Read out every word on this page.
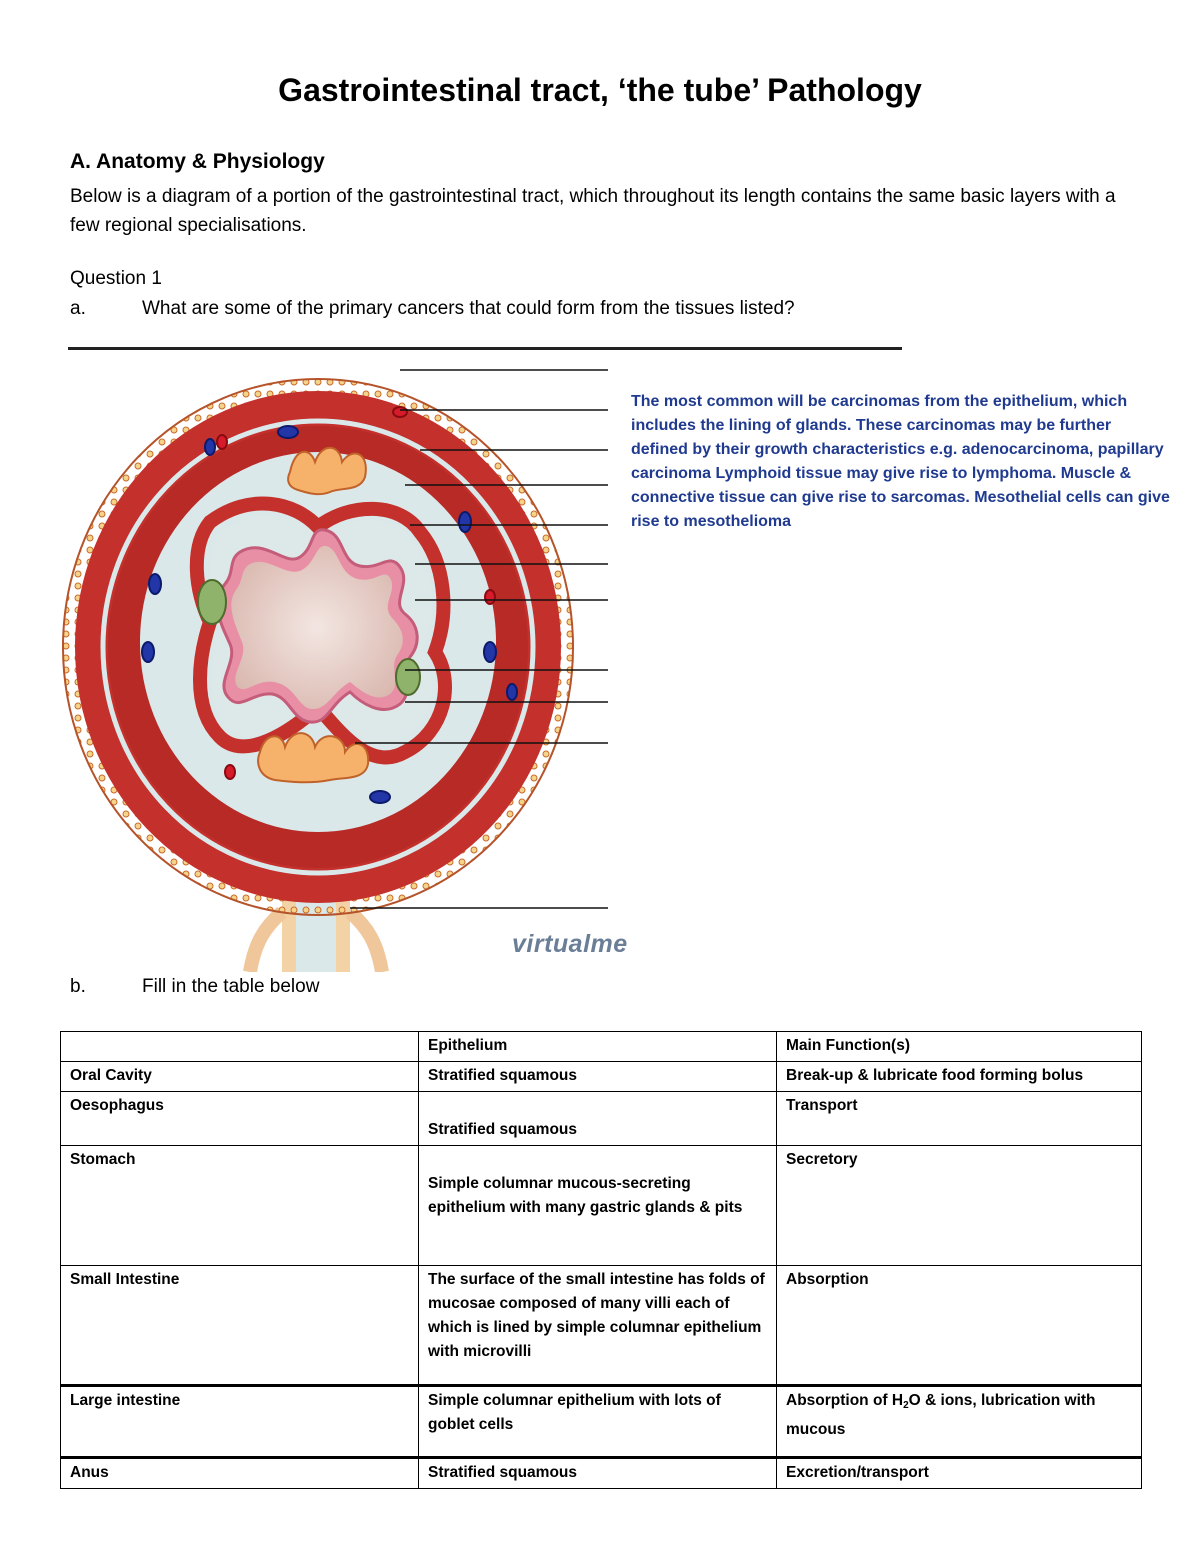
Gastrointestinal tract, ‘the tube’ Pathology
A. Anatomy & Physiology

Below is a diagram of a portion of the gastrointestinal tract, which throughout its length contains the same basic layers with a few regional specialisations.

Question 1
a.	What are some of the primary cancers that could form from the tissues listed?

The most common will be carcinomas from the epithelium, which includes the lining of glands. These carcinomas may be further defined by their growth characteristics e.g. adenocarcinoma, papillary carcinoma Lymphoid tissue may give rise to lymphoma. Muscle & connective tissue can give rise to sarcomas. Mesothelial cells can give rise to mesothelioma

virtualme
b.	Fill in the table below
	Epithelium	Main Function(s)
Oral Cavity	Stratified squamous	Break-up & lubricate food forming bolus
Oesophagus	Stratified squamous	Transport
Stomach	Simple columnar mucous-secreting epithelium with many gastric glands & pits	Secretory
Small Intestine	The surface of the small intestine has folds of mucosae composed of many villi each of which is lined by simple columnar epithelium with microvilli	Absorption
Large intestine	Simple columnar epithelium with lots of goblet cells	Absorption of $H_2O$ & ions, lubrication with mucous
Anus	Stratified squamous	Excretion/transport
